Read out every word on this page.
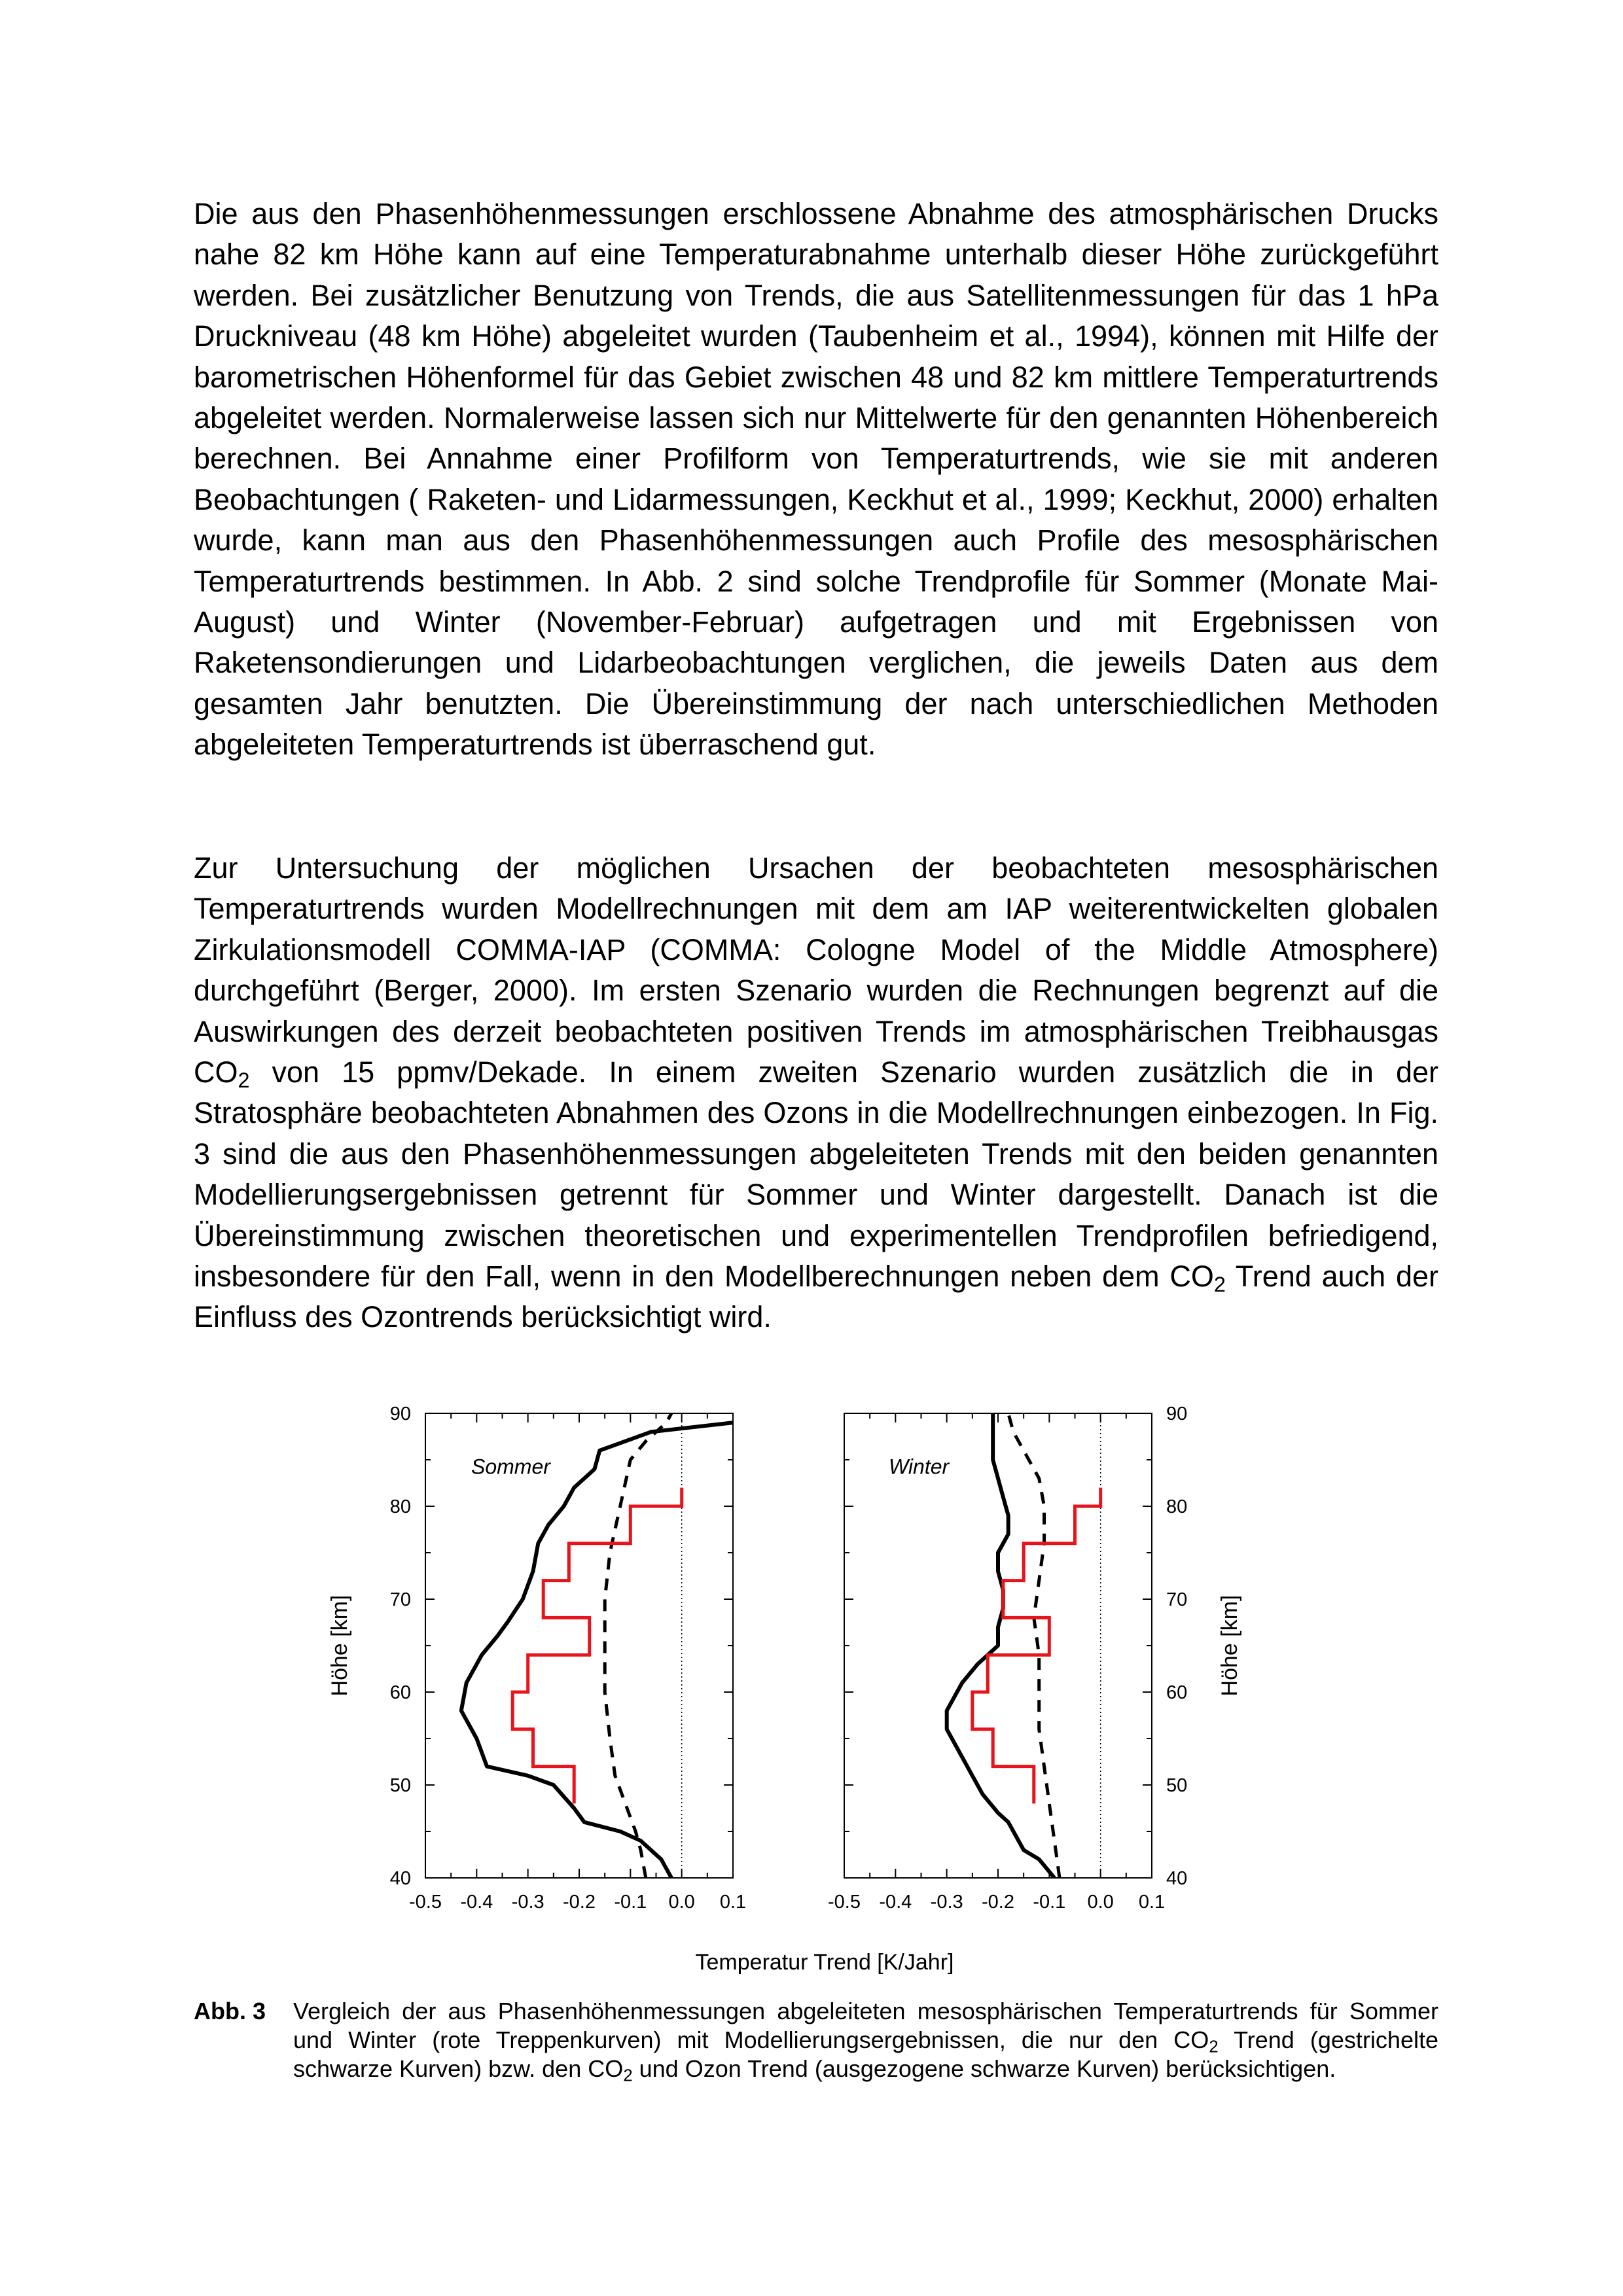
Die aus den Phasenhöhenmessungen erschlossene Abnahme des atmosphärischen Drucks nahe 82 km Höhe kann auf eine Temperaturabnahme unterhalb dieser Höhe zurückgeführt werden. Bei zusätzlicher Benutzung von Trends, die aus Satellitenmessungen für das 1 hPa Druckniveau (48 km Höhe) abgeleitet wurden (Taubenheim et al., 1994), können mit Hilfe der barometrischen Höhenformel für das Gebiet zwischen 48 und 82 km mittlere Temperaturtrends abgeleitet werden. Normalerweise lassen sich nur Mittelwerte für den genannten Höhenbereich berechnen. Bei Annahme einer Profilform von Temperaturtrends, wie sie mit anderen Beobachtungen ( Raketen- und Lidarmessungen, Keckhut et al., 1999; Keckhut, 2000) erhalten wurde, kann man aus den Phasenhöhenmessungen auch Profile des mesosphärischen Temperaturtrends bestimmen. In Abb. 2 sind solche Trendprofile für Sommer (Monate Mai-August) und Winter (November-Februar) aufgetragen und mit Ergebnissen von Raketensondierungen und Lidarbeobachtungen verglichen, die jeweils Daten aus dem gesamten Jahr benutzten. Die Übereinstimmung der nach unterschiedlichen Methoden abgeleiteten Temperaturtrends ist überraschend gut.

Zur Untersuchung der möglichen Ursachen der beobachteten mesosphärischen Temperaturtrends wurden Modellrechnungen mit dem am IAP weiterentwickelten globalen Zirkulationsmodell COMMA-IAP (COMMA: Cologne Model of the Middle Atmosphere) durchgeführt (Berger, 2000). Im ersten Szenario wurden die Rechnungen begrenzt auf die Auswirkungen des derzeit beobachteten positiven Trends im atmosphärischen Treibhausgas $CO_2$ von 15 ppmv/Dekade. In einem zweiten Szenario wurden zusätzlich die in der Stratosphäre beobachteten Abnahmen des Ozons in die Modellrechnungen einbezogen. In Fig. 3 sind die aus den Phasenhöhenmessungen abgeleiteten Trends mit den beiden genannten Modellierungsergebnissen getrennt für Sommer und Winter dargestellt. Danach ist die Übereinstimmung zwischen theoretischen und experimentellen Trendprofilen befriedigend, insbesondere für den Fall, wenn in den Modellberechnungen neben dem $CO_2$ Trend auch der Einfluss des Ozontrends berücksichtigt wird.

-0.5 -0.4 -0.3 -0.2 -0.1 0.0 0.1
40
50
60
70
80
90
Höhe [km]
Sommer
-0.5 -0.4 -0.3 -0.2 -0.1 0.0 0.1
40
50
60
70
80
90
Höhe [km]
Winter
Temperatur Trend [K/Jahr]
Abb. 3 Vergleich der aus Phasenhöhenmessungen abgeleiteten mesosphärischen Temperaturtrends für Sommer und Winter (rote Treppenkurven) mit Modellierungsergebnissen, die nur den $CO_2$ Trend (gestrichelte schwarze Kurven) bzw. den $CO_2$ und Ozon Trend (ausgezogene schwarze Kurven) berücksichtigen.
